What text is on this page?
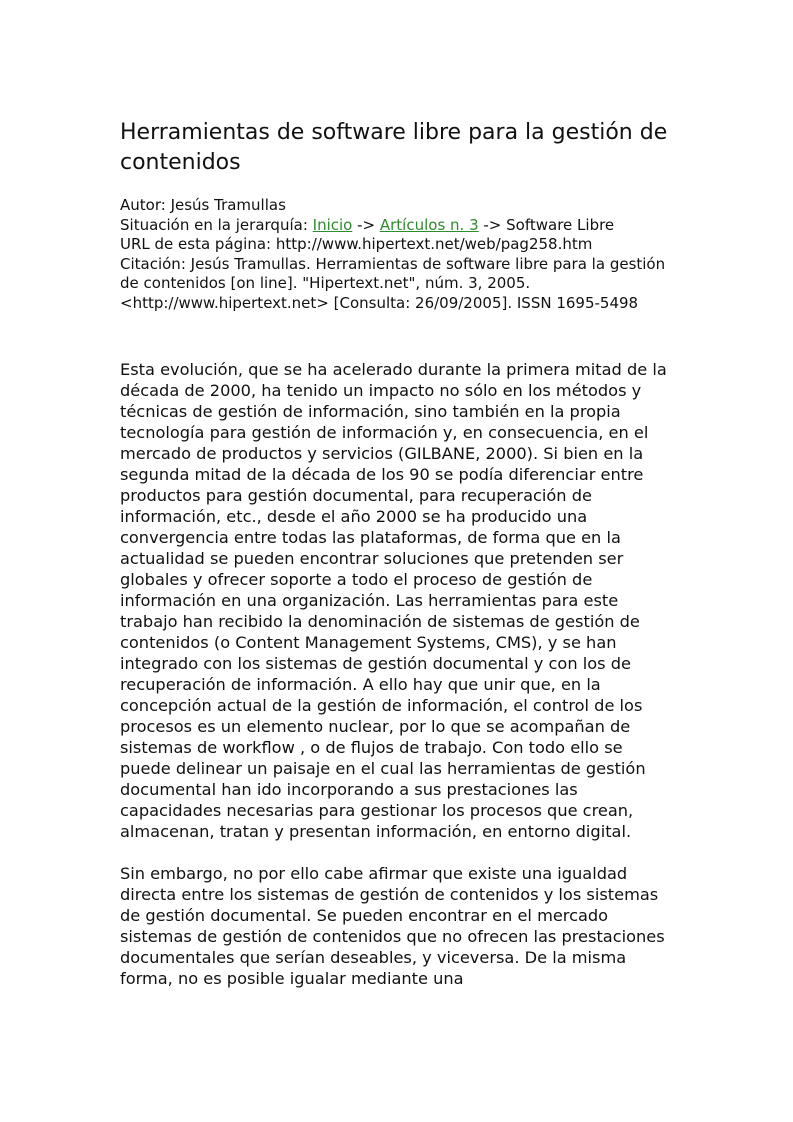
Herramientas de software libre para la gestión de contenidos
Autor: Jesús Tramullas
Situación en la jerarquía: Inicio -> Artículos n. 3 -> Software Libre
URL de esta página: http://www.hipertext.net/web/pag258.htm
Citación: Jesús Tramullas. Herramientas de software libre para la gestión de contenidos [on line]. "Hipertext.net", núm. 3, 2005. <http://www.hipertext.net> [Consulta: 26/09/2005]. ISSN 1695-5498

Esta evolución, que se ha acelerado durante la primera mitad de la década de 2000, ha tenido un impacto no sólo en los métodos y técnicas de gestión de información, sino también en la propia tecnología para gestión de información y, en consecuencia, en el mercado de productos y servicios (GILBANE, 2000). Si bien en la segunda mitad de la década de los 90 se podía diferenciar entre productos para gestión documental, para recuperación de información, etc., desde el año 2000 se ha producido una convergencia entre todas las plataformas, de forma que en la actualidad se pueden encontrar soluciones que pretenden ser globales y ofrecer soporte a todo el proceso de gestión de información en una organización. Las herramientas para este trabajo han recibido la denominación de sistemas de gestión de contenidos (o Content Management Systems, CMS), y se han integrado con los sistemas de gestión documental y con los de recuperación de información. A ello hay que unir que, en la concepción actual de la gestión de información, el control de los procesos es un elemento nuclear, por lo que se acompañan de sistemas de workflow , o de flujos de trabajo. Con todo ello se puede delinear un paisaje en el cual las herramientas de gestión documental han ido incorporando a sus prestaciones las capacidades necesarias para gestionar los procesos que crean, almacenan, tratan y presentan información, en entorno digital.

Sin embargo, no por ello cabe afirmar que existe una igualdad directa entre los sistemas de gestión de contenidos y los sistemas de gestión documental. Se pueden encontrar en el mercado sistemas de gestión de contenidos que no ofrecen las prestaciones documentales que serían deseables, y viceversa. De la misma forma, no es posible igualar mediante una
